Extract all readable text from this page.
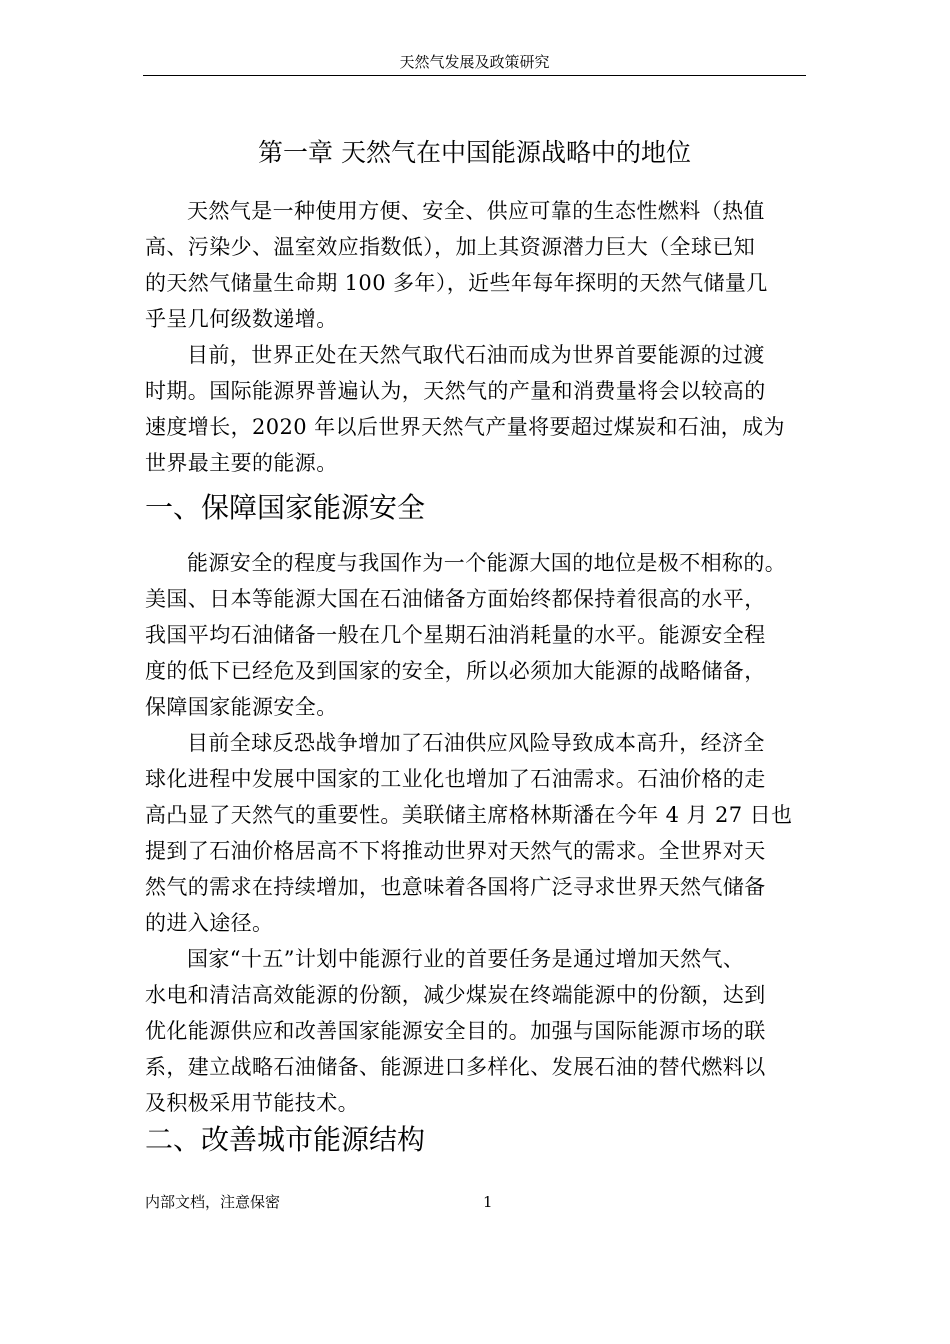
天然气发展及政策研究
第一章 天然气在中国能源战略中的地位

天然气是一种使用方便、安全、供应可靠的生态性燃料（热值
高、污染少、温室效应指数低），加上其资源潜力巨大（全球已知
的天然气储量生命期 100 多年），近些年每年探明的天然气储量几
乎呈几何级数递增。

目前，世界正处在天然气取代石油而成为世界首要能源的过渡
时期。国际能源界普遍认为，天然气的产量和消费量将会以较高的
速度增长，2020 年以后世界天然气产量将要超过煤炭和石油，成为
世界最主要的能源。

一、保障国家能源安全

能源安全的程度与我国作为一个能源大国的地位是极不相称的。
美国、日本等能源大国在石油储备方面始终都保持着很高的水平，
我国平均石油储备一般在几个星期石油消耗量的水平。能源安全程
度的低下已经危及到国家的安全，所以必须加大能源的战略储备，
保障国家能源安全。

目前全球反恐战争增加了石油供应风险导致成本高升，经济全
球化进程中发展中国家的工业化也增加了石油需求。石油价格的走
高凸显了天然气的重要性。美联储主席格林斯潘在今年 4 月 27 日也
提到了石油价格居高不下将推动世界对天然气的需求。全世界对天
然气的需求在持续增加，也意味着各国将广泛寻求世界天然气储备
的进入途径。

国家“十五”计划中能源行业的首要任务是通过增加天然气、
水电和清洁高效能源的份额，减少煤炭在终端能源中的份额，达到
优化能源供应和改善国家能源安全目的。加强与国际能源市场的联
系，建立战略石油储备、能源进口多样化、发展石油的替代燃料以
及积极采用节能技术。

二、改善城市能源结构
内部文档，注意保密	1
